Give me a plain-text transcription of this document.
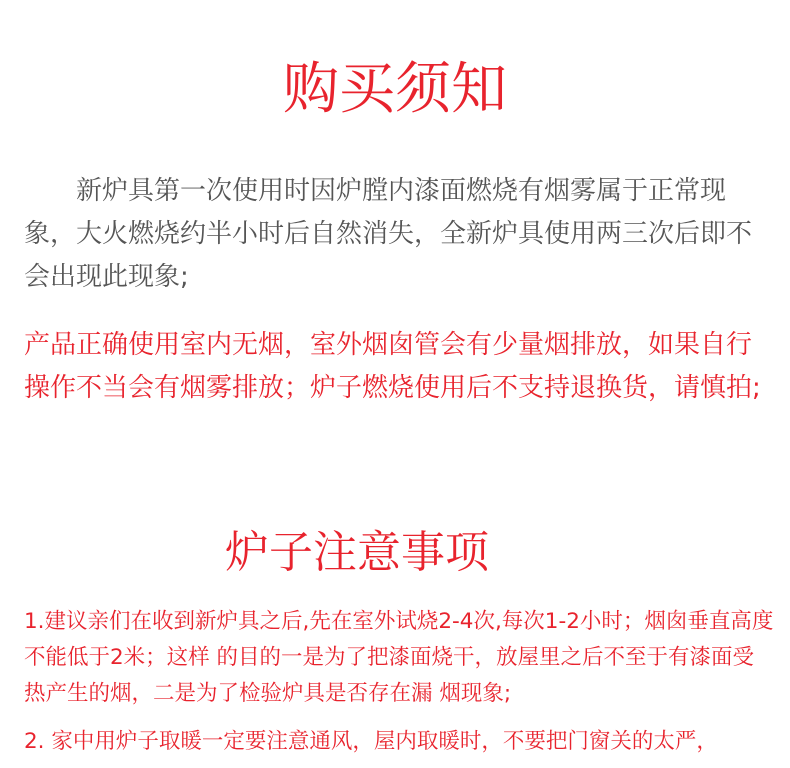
购买须知

新炉具第一次使用时因炉膛内漆面燃烧有烟雾属于正常现象，大火燃烧约半小时后自然消失，全新炉具使用两三次后即不会出现此现象;

产品正确使用室内无烟，室外烟囱管会有少量烟排放，如果自行操作不当会有烟雾排放；炉子燃烧使用后不支持退换货，请慎拍;

炉子注意事项

1.建议亲们在收到新炉具之后,先在室外试烧2-4次,每次1-2小时；烟囱垂直高度不能低于2米；这样 的目的一是为了把漆面烧干，放屋里之后不至于有漆面受热产生的烟，二是为了检验炉具是否存在漏 烟现象;

2. 家中用炉子取暖一定要注意通风，屋内取暖时，不要把门窗关的太严，
